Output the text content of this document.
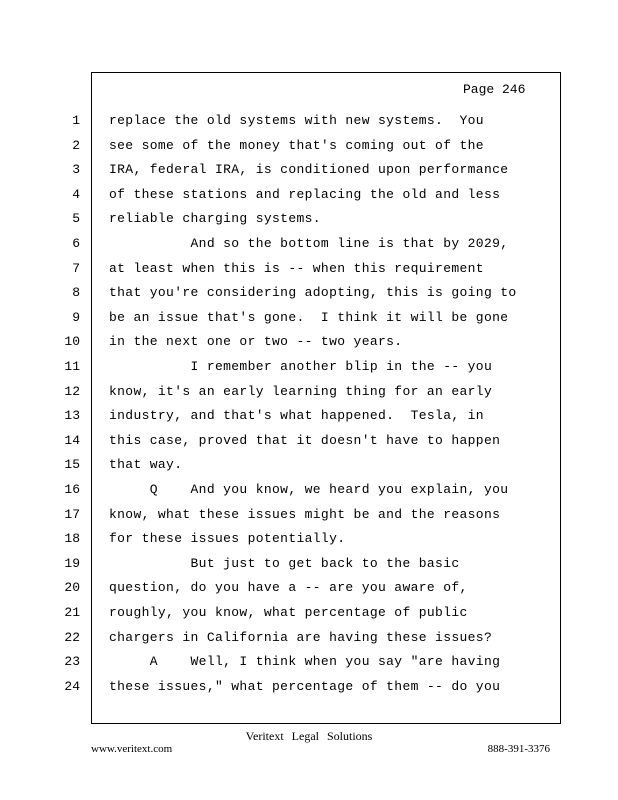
Page 246
1 replace the old systems with new systems.  You
2 see some of the money that's coming out of the
3 IRA, federal IRA, is conditioned upon performance
4 of these stations and replacing the old and less
5 reliable charging systems.
6 And so the bottom line is that by 2029,
7 at least when this is -- when this requirement
8 that you're considering adopting, this is going to
9 be an issue that's gone.  I think it will be gone
10 in the next one or two -- two years.
11 I remember another blip in the -- you
12 know, it's an early learning thing for an early
13 industry, and that's what happened.  Tesla, in
14 this case, proved that it doesn't have to happen
15 that way.
16 Q    And you know, we heard you explain, you
17 know, what these issues might be and the reasons
18 for these issues potentially.
19 But just to get back to the basic
20 question, do you have a -- are you aware of,
21 roughly, you know, what percentage of public
22 chargers in California are having these issues?
23 A    Well, I think when you say "are having
24 these issues," what percentage of them -- do you
Veritext Legal Solutions
www.veritext.com	888-391-3376
